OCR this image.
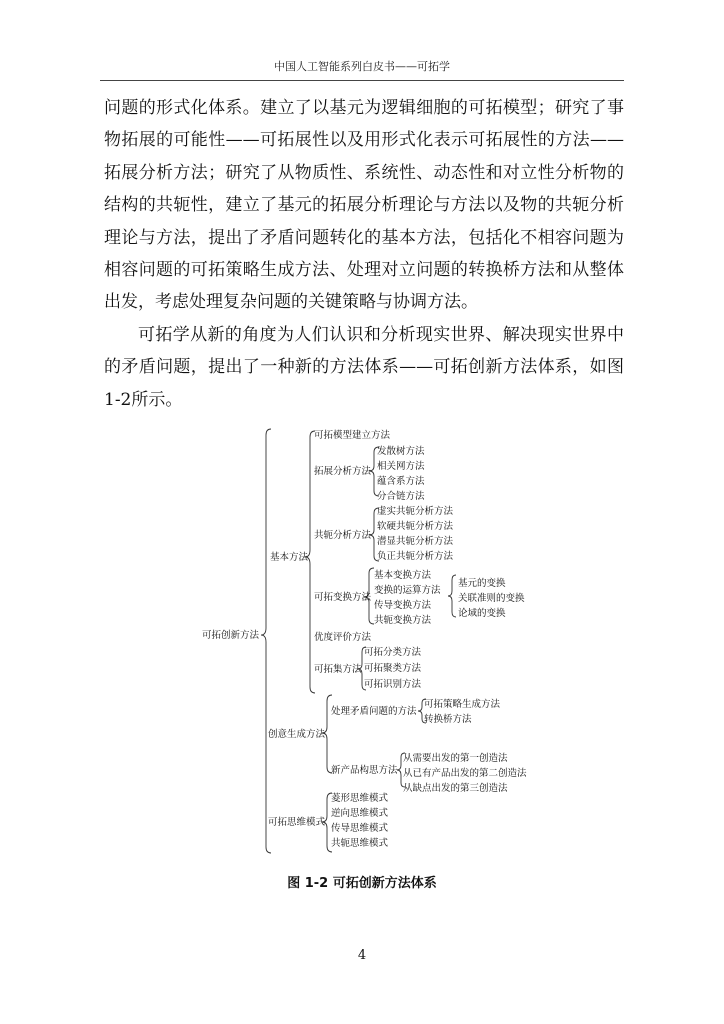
中国人工智能系列白皮书——可拓学

问题的形式化体系。建立了以基元为逻辑细胞的可拓模型；研究了事物拓展的可能性——可拓展性以及用形式化表示可拓展性的方法——拓展分析方法；研究了从物质性、系统性、动态性和对立性分析物的结构的共轭性，建立了基元的拓展分析理论与方法以及物的共轭分析理论与方法，提出了矛盾问题转化的基本方法，包括化不相容问题为相容问题的可拓策略生成方法、处理对立问题的转换桥方法和从整体出发，考虑处理复杂问题的关键策略与协调方法。

可拓学从新的角度为人们认识和分析现实世界、解决现实世界中的矛盾问题，提出了一种新的方法体系——可拓创新方法体系，如图1-2所示。

可拓创新方法
基本方法
可拓模型建立方法
拓展分析方法
发散树方法
相关网方法
蕴含系方法
分合链方法
共轭分析方法
虚实共轭分析方法
软硬共轭分析方法
潜显共轭分析方法
负正共轭分析方法
可拓变换方法
基本变换方法
变换的运算方法
传导变换方法
共轭变换方法
基元的变换
关联准则的变换
论域的变换
优度评价方法
可拓集方法
可拓分类方法
可拓聚类方法
可拓识别方法
创意生成方法
处理矛盾问题的方法
可拓策略生成方法
转换桥方法
新产品构思方法
从需要出发的第一创造法
从已有产品出发的第二创造法
从缺点出发的第三创造法
可拓思维模式
菱形思维模式
逆向思维模式
传导思维模式
共轭思维模式
图 1-2 可拓创新方法体系
4
